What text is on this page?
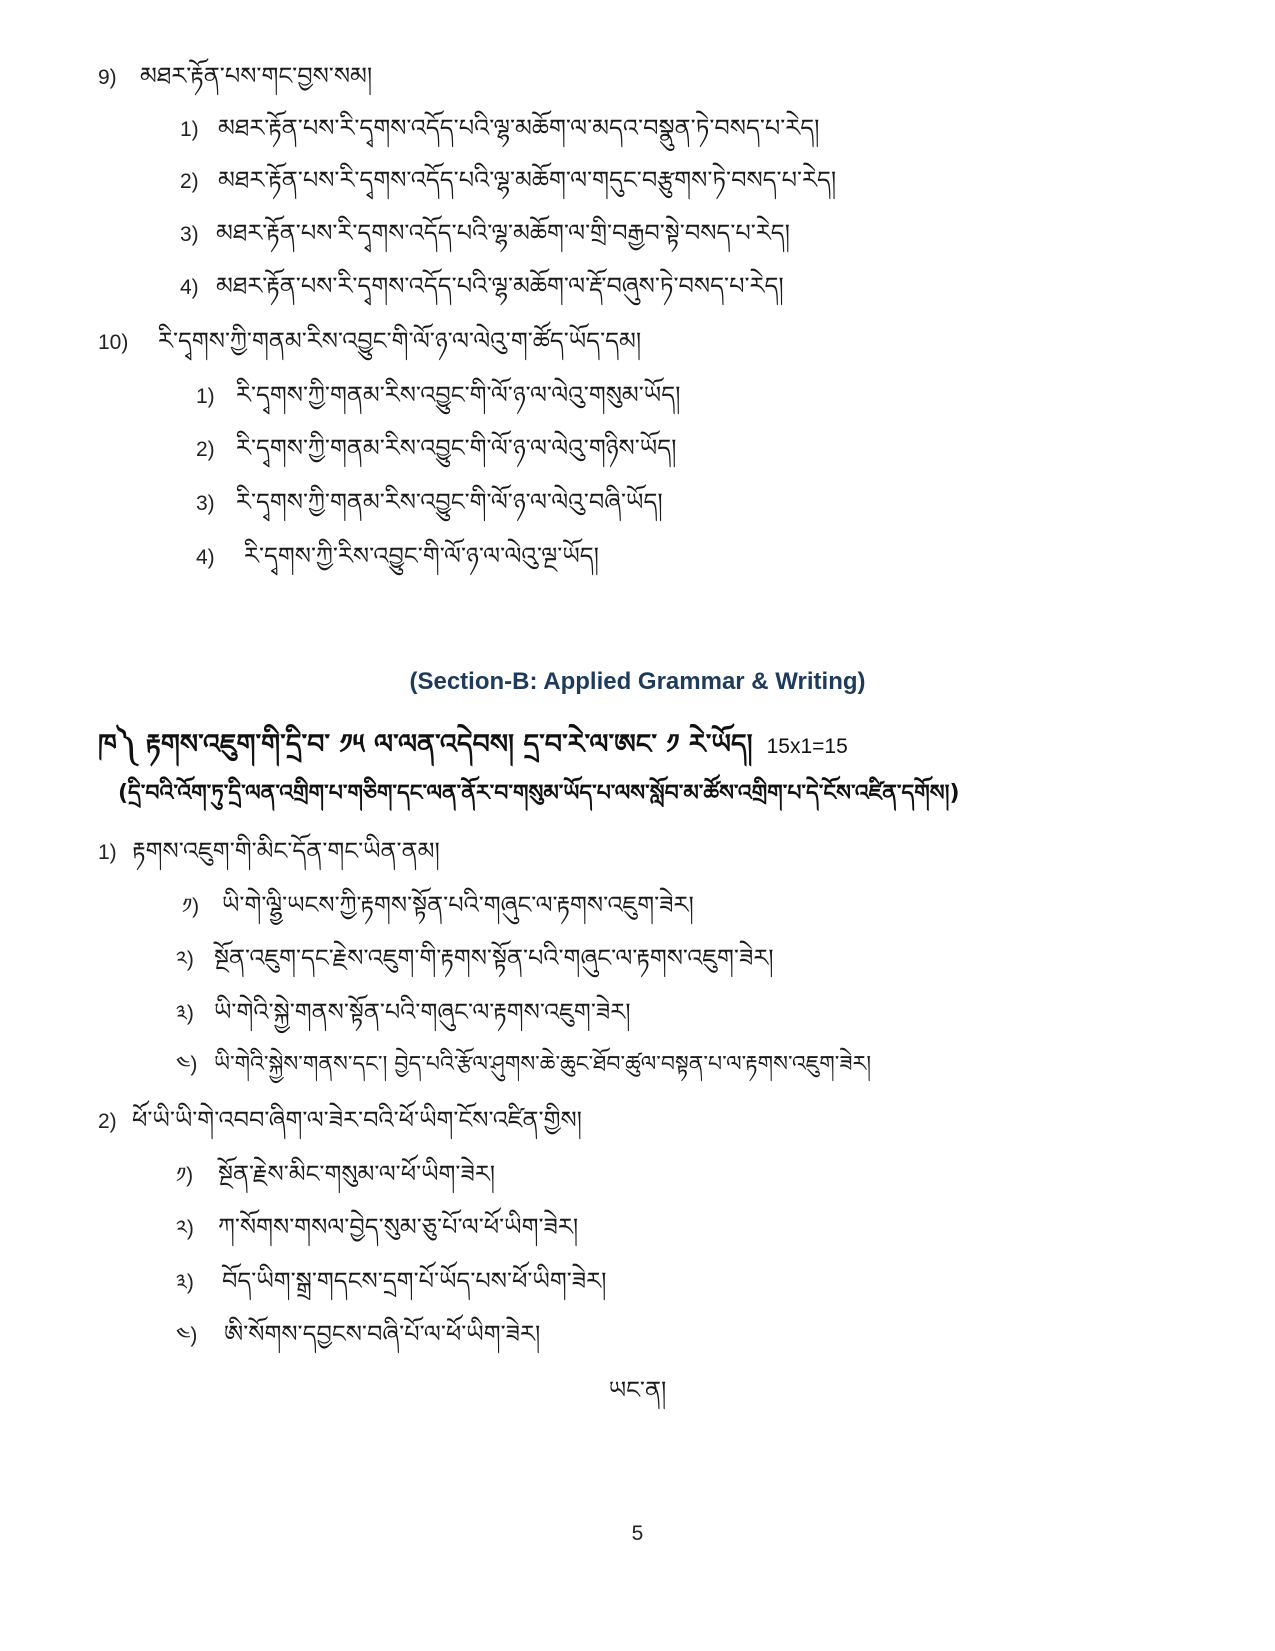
9) མཐར་རྟོན་པས་གང་བྱས་སམ།
1) མཐར་རྟོན་པས་རི་དྭགས་འདོད་པའི་ལྷ་མཆོག་ལ་མདའ་བསྣུན་ཏེ་བསད་པ་རེད།
2) མཐར་རྟོན་པས་རི་དྭགས་འདོད་པའི་ལྷ་མཆོག་ལ་གདུང་བརྩུགས་ཏེ་བསད་པ་རེད།
3) མཐར་རྟོན་པས་རི་དྭགས་འདོད་པའི་ལྷ་མཆོག་ལ་གྲི་བརྒྱབ་སྟེ་བསད་པ་རེད།
4) མཐར་རྟོན་པས་རི་དྭགས་འདོད་པའི་ལྷ་མཆོག་ལ་རྡོ་བཞུས་ཏེ་བསད་པ་རེད།
10)	རི་དྭགས་ཀྱི་གནམ་རིས་འབྱུང་གི་ལོ་ཉ་ལ་ལེའུ་ག་ཚོད་ཡོད་དམ།
1) རི་དྭགས་ཀྱི་གནམ་རིས་འབྱུང་གི་ལོ་ཉ་ལ་ལེའུ་གསུམ་ཡོད།
2) རི་དྭགས་ཀྱི་གནམ་རིས་འབྱུང་གི་ལོ་ཉ་ལ་ལེའུ་གཉིས་ཡོད།
3) རི་དྭགས་ཀྱི་གནམ་རིས་འབྱུང་གི་ལོ་ཉ་ལ་ལེའུ་བཞི་ཡོད།
4)	རི་དྭགས་ཀྱི་རིས་འབྱུང་གི་ལོ་ཉ་ལ་ལེའུ་ལྔ་ཡོད།
(Section-B: Applied Grammar & Writing)
ཁ༽ རྟགས་འཇུག་གི་དྲི་བ་ ༡༥ ལ་ལན་འདེབས། དྲ་བ་རེ་ལ་ཨང་ ༡ རེ་ཡོད། 15x1=15
(དྲི་བའི་འོག་ཏུ་དྲི་ལན་འགྲིག་པ་གཅིག་དང་ལན་ནོར་བ་གསུམ་ཡོད་པ་ལས་སློབ་མ་ཚོས་འགྲིག་པ་དེ་ངོས་འཛིན་དགོས།)
1) རྟགས་འཇུག་གི་མིང་དོན་གང་ཡིན་ནམ།
༡) ཡི་གེ་ལྷྱི་ཡངས་ཀྱི་རྟགས་སྟོན་པའི་གཞུང་ལ་རྟགས་འཇུག་ཟེར།
༢) སྔོན་འཇུག་དང་རྗེས་འཇུག་གི་རྟགས་སྟོན་པའི་གཞུང་ལ་རྟགས་འཇུག་ཟེར།
༣) ཡི་གེའི་སྐྱེ་གནས་སྟོན་པའི་གཞུང་ལ་རྟགས་འཇུག་ཟེར།
༤) ཡི་གེའི་སྐྱེས་གནས་དང་། བྱེད་པའི་རྩོལ་ཤུགས་ཆེ་ཆུང་ཐོབ་ཚུལ་བསྟན་པ་ལ་རྟགས་འཇུག་ཟེར།
2) ཕོ་ཡི་ཡི་གེ་འབབ་ཞིག་ལ་ཟེར་བའི་ཕོ་ཡིག་ངོས་འཛིན་གྱིས།
༡)	སྔོན་རྗེས་མིང་གསུམ་ལ་ཕོ་ཡིག་ཟེར།
༢)	ཀ་སོགས་གསལ་བྱེད་སུམ་ཅུ་པོ་ལ་ཕོ་ཡིག་ཟེར།
༣)	བོད་ཡིག་སྒྲ་གདངས་དྲག་པོ་ཡོད་པས་ཕོ་ཡིག་ཟེར།
༤)	ཨི་སོགས་དབྱངས་བཞི་པོ་ལ་ཕོ་ཡིག་ཟེར།
ཡང་ན།
5
